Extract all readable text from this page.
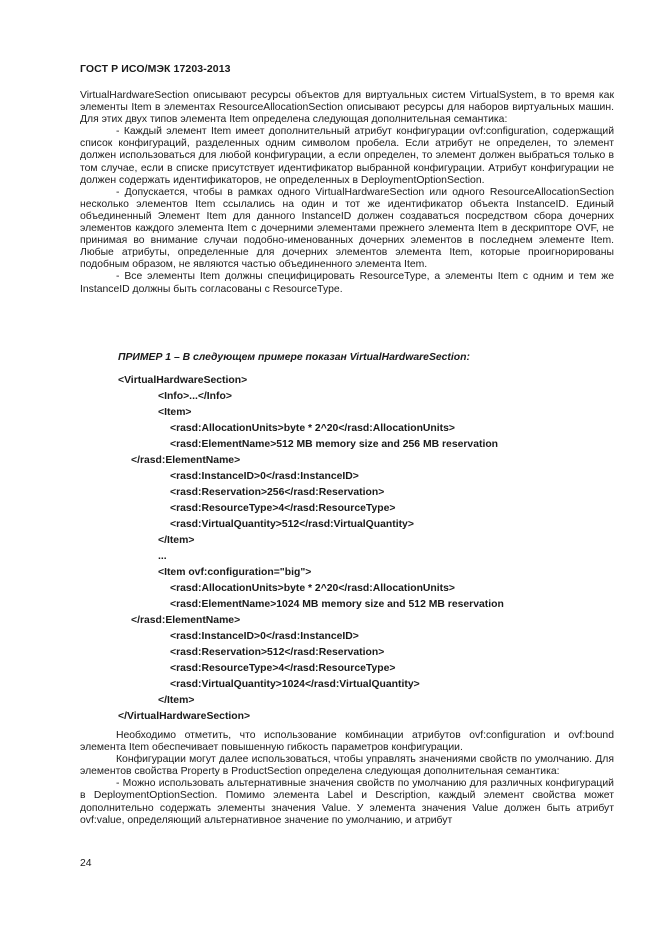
ГОСТ Р ИСО/МЭК 17203-2013

VirtualHardwareSection описывают ресурсы объектов для виртуальных систем VirtualSystem, в то время как элементы Item в элементах ResourceAllocationSection описывают ресурсы для наборов виртуальных машин. Для этих двух типов элемента Item определена следующая дополнительная семантика:

- Каждый элемент Item имеет дополнительный атрибут конфигурации ovf:configuration, содержащий список конфигураций, разделенных одним символом пробела. Если атрибут не определен, то элемент должен использоваться для любой конфигурации, а если определен, то элемент должен выбраться только в том случае, если в списке присутствует идентификатор выбранной конфигурации. Атрибут конфигурации не должен содержать идентификаторов, не определенных в DeploymentOptionSection.

- Допускается, чтобы в рамках одного VirtualHardwareSection или одного ResourceAllocationSection несколько элементов Item ссылались на один и тот же идентификатор объекта InstanceID. Единый объединенный Элемент Item для данного InstanceID должен создаваться посредством сбора дочерних элементов каждого элемента Item с дочерними элементами прежнего элемента Item в дескрипторе OVF, не принимая во внимание случаи подобно-именованных дочерних элементов в последнем элементе Item. Любые атрибуты, определенные для дочерних элементов элемента Item, которые проигнорированы подобным образом, не являются частью объединенного элемента Item.

- Все элементы Item должны специфицировать ResourceType, а элементы Item с одним и тем же InstanceID должны быть согласованы с ResourceType.

ПРИМЕР 1 – В следующем примере показан VirtualHardwareSection:
<VirtualHardwareSection>
<Info>...</Info>
<Item>
<rasd:AllocationUnits>byte * 2^20</rasd:AllocationUnits>
<rasd:ElementName>512 MB memory size and 256 MB reservation
</rasd:ElementName>
<rasd:InstanceID>0</rasd:InstanceID>
<rasd:Reservation>256</rasd:Reservation>
<rasd:ResourceType>4</rasd:ResourceType>
<rasd:VirtualQuantity>512</rasd:VirtualQuantity>
</Item>
...
<Item ovf:configuration="big">
<rasd:AllocationUnits>byte * 2^20</rasd:AllocationUnits>
<rasd:ElementName>1024 MB memory size and 512 MB reservation
</rasd:ElementName>
<rasd:InstanceID>0</rasd:InstanceID>
<rasd:Reservation>512</rasd:Reservation>
<rasd:ResourceType>4</rasd:ResourceType>
<rasd:VirtualQuantity>1024</rasd:VirtualQuantity>
</Item>
</VirtualHardwareSection>

Необходимо отметить, что использование комбинации атрибутов ovf:configuration и ovf:bound элемента Item обеспечивает повышенную гибкость параметров конфигурации.

Конфигурации могут далее использоваться, чтобы управлять значениями свойств по умолчанию. Для элементов свойства Property в ProductSection определена следующая дополнительная семантика:

- Можно использовать альтернативные значения свойств по умолчанию для различных конфигураций в DeploymentOptionSection. Помимо элемента Label и Description, каждый элемент свойства может дополнительно содержать элементы значения Value. У элемента значения Value должен быть атрибут ovf:value, определяющий альтернативное значение по умолчанию, и атрибут

24
